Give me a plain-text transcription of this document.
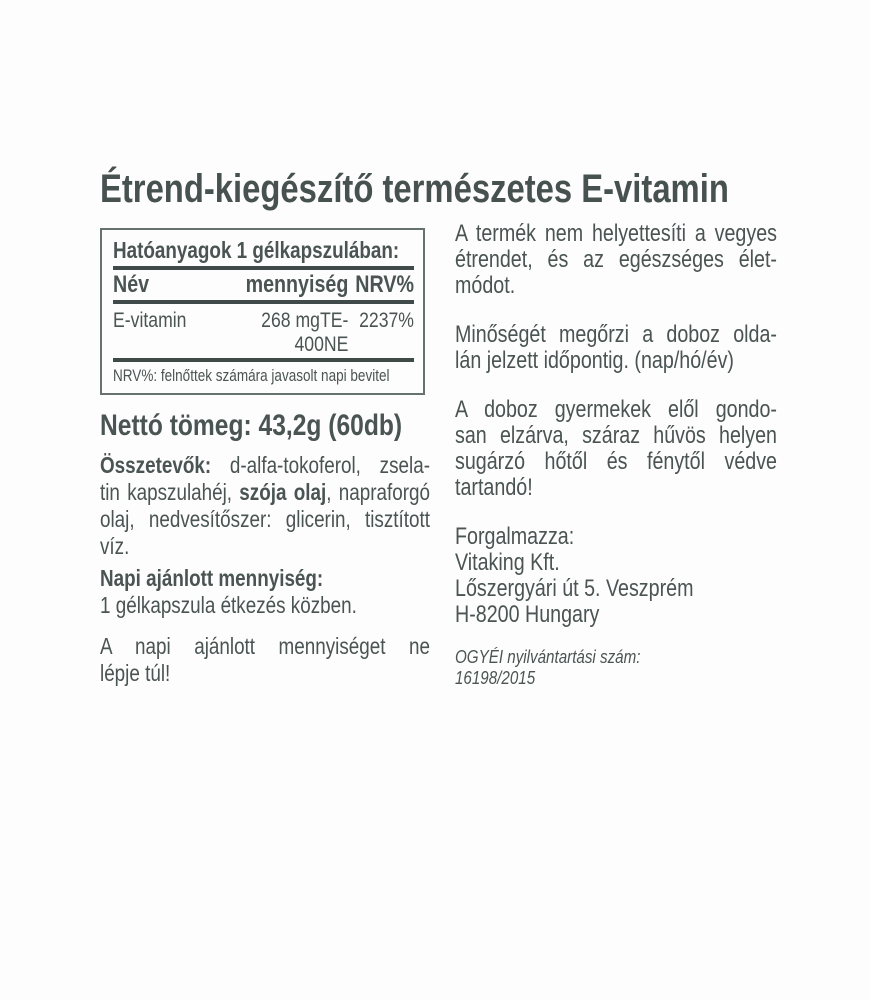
Étrend-kiegészítő természetes E-vitamin
Hatóanyagok 1 gélkapszulában:
Név	mennyiség NRV%
E-vitamin	268 mgTE-
400NE
2237%
NRV%: felnőttek számára javasolt napi bevitel
Nettó tömeg: 43,2g (60db)
Összetevők: d-alfa-tokoferol, zsela-
tin kapszulahéj, szója olaj, napraforgó
olaj, nedvesítőszer: glicerin, tisztított
víz.
Napi ajánlott mennyiség:
1 gélkapszula étkezés közben.
A napi ajánlott mennyiséget ne
lépje túl!
A termék nem helyettesíti a vegyes
étrendet, és az egészséges élet-
módot.
Minőségét megőrzi a doboz olda-
lán jelzett időpontig. (nap/hó/év)
A doboz gyermekek elől gondo-
san elzárva, száraz hűvös helyen
sugárzó hőtől és fénytől védve
tartandó!
Forgalmazza:
Vitaking Kft.
Lőszergyári út 5. Veszprém
H-8200 Hungary
OGYÉI nyilvántartási szám:
16198/2015
